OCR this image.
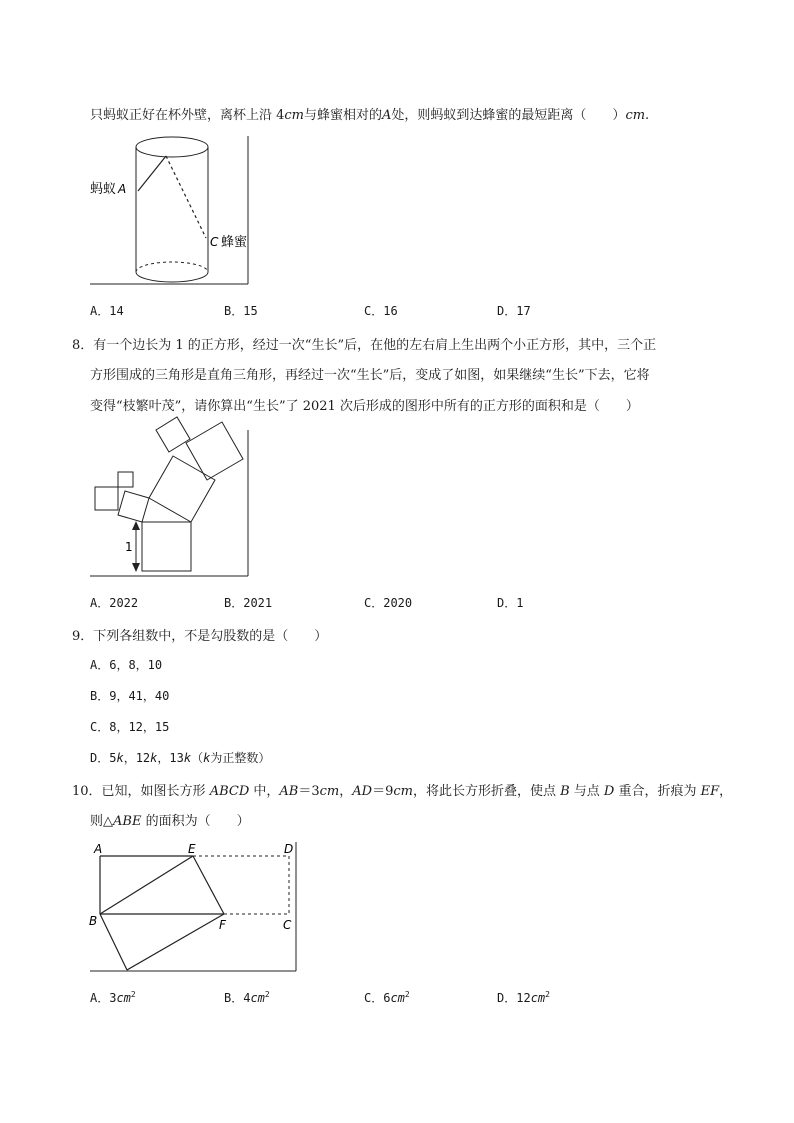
只蚂蚁正好在杯外壁，离杯上沿 4cm与蜂蜜相对的A处，则蚂蚁到达蜂蜜的最短距离（　　）cm.
蚂蚁 A
C 蜂蜜
A．14	B．15	C．16	D．17
8．有一个边长为 1 的正方形，经过一次“生长”后，在他的左右肩上生出两个小正方形，其中，三个正
方形围成的三角形是直角三角形，再经过一次“生长”后，变成了如图，如果继续“生长”下去，它将
变得“枝繁叶茂”，请你算出“生长”了 2021 次后形成的图形中所有的正方形的面积和是（　　）
1
A．2022	B．2021	C．2020	D．1
9．下列各组数中，不是勾股数的是（　　）
A．6，8，10
B．9，41，40
C．8，12，15
D．5k，12k，13k（k为正整数）
10．已知，如图长方形 ABCD 中，AB＝3cm，AD＝9cm，将此长方形折叠，使点 B 与点 D 重合，折痕为 EF，
则△ABE 的面积为（　　）
A	E	D
B	F	C
A．$3cm^2$	B．$4cm^2$	C．$6cm^2$	D．$12cm^2$
